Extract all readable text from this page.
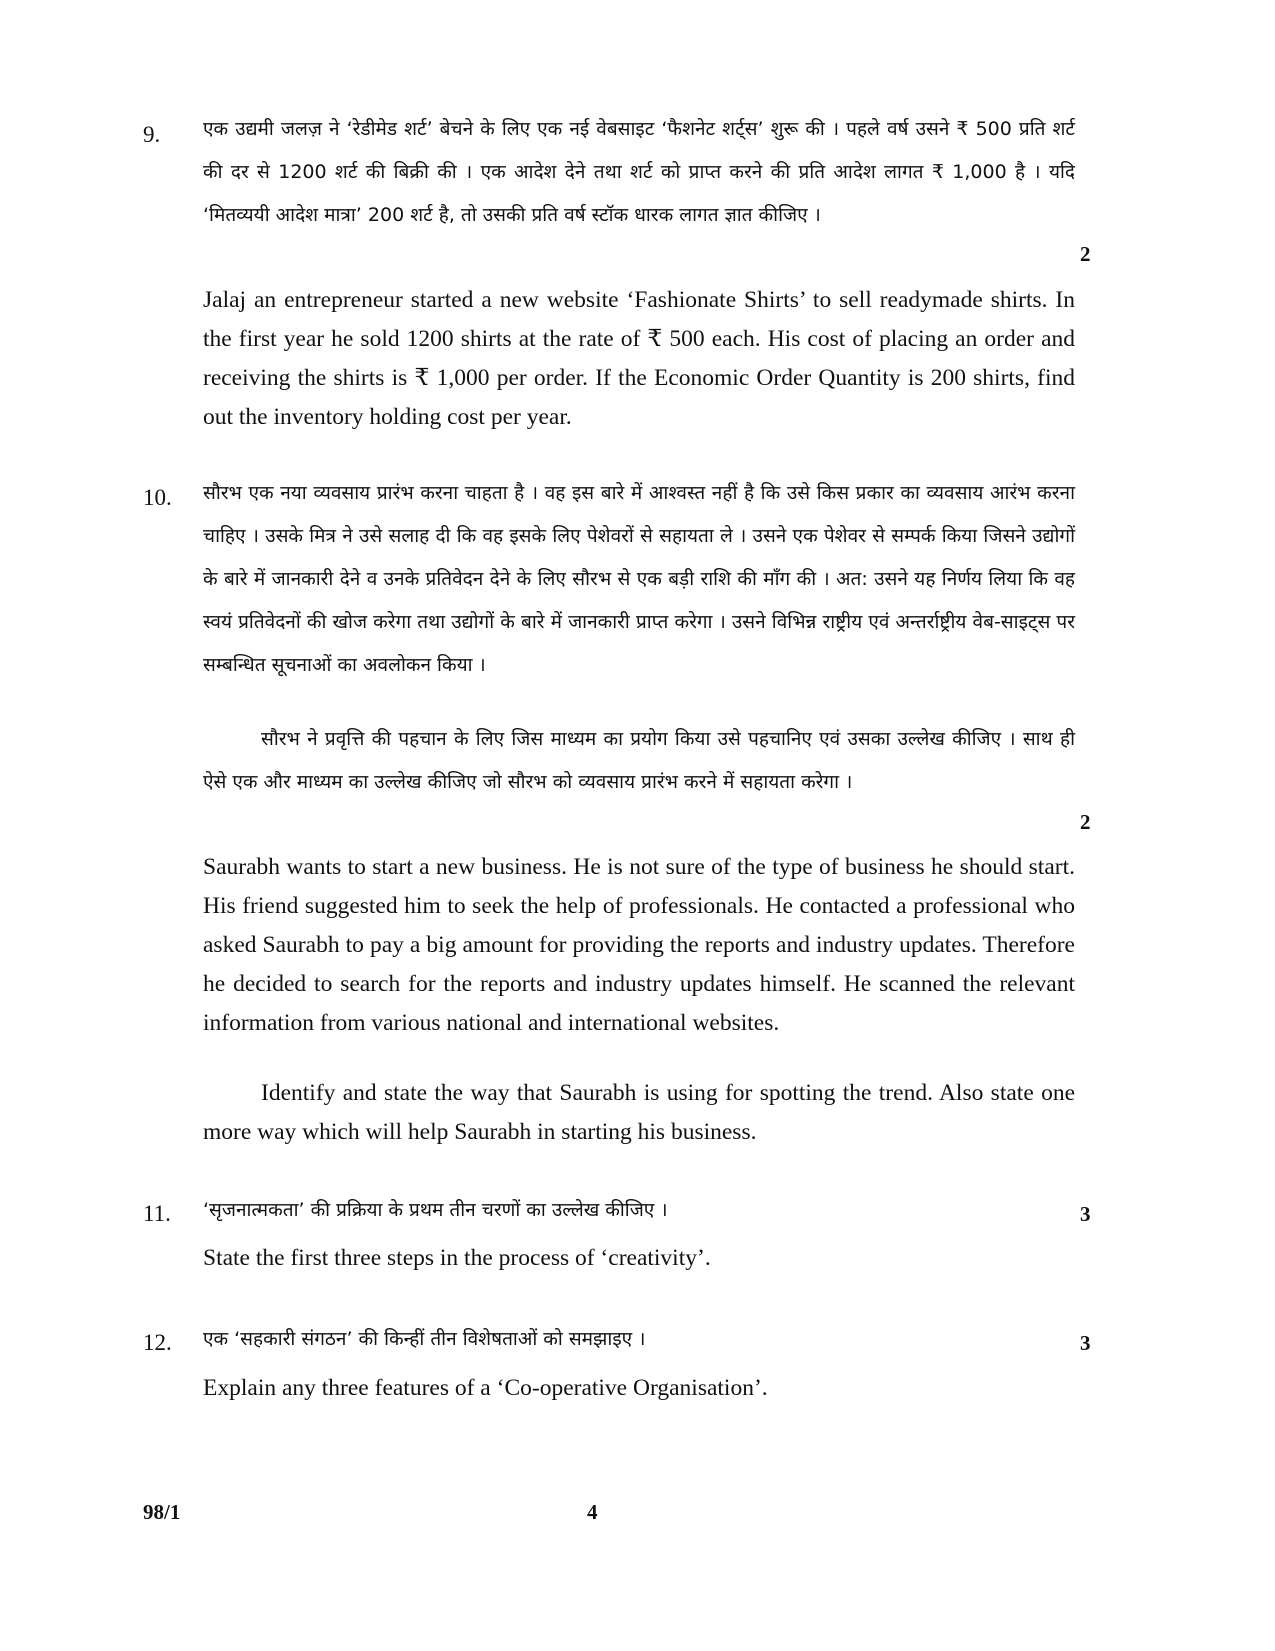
9. एक उद्यमी जलज़ ने ‘रेडीमेड शर्ट’ बेचने के लिए एक नई वेबसाइट ‘फैशनेट शर्ट्स’ शुरू की । पहले वर्ष उसने ₹ 500 प्रति शर्ट की दर से 1200 शर्ट की बिक्री की । एक आदेश देने तथा शर्ट को प्राप्त करने की प्रति आदेश लागत ₹ 1,000 है । यदि ‘मितव्ययी आदेश मात्रा’ 200 शर्ट है, तो उसकी प्रति वर्ष स्टॉक धारक लागत ज्ञात कीजिए ।

2

Jalaj an entrepreneur started a new website ‘Fashionate Shirts’ to sell readymade shirts. In the first year he sold 1200 shirts at the rate of ₹ 500 each. His cost of placing an order and receiving the shirts is ₹ 1,000 per order. If the Economic Order Quantity is 200 shirts, find out the inventory holding cost per year.

10. सौरभ एक नया व्यवसाय प्रारंभ करना चाहता है । वह इस बारे में आश्वस्त नहीं है कि उसे किस प्रकार का व्यवसाय आरंभ करना चाहिए । उसके मित्र ने उसे सलाह दी कि वह इसके लिए पेशेवरों से सहायता ले । उसने एक पेशेवर से सम्पर्क किया जिसने उद्योगों के बारे में जानकारी देने व उनके प्रतिवेदन देने के लिए सौरभ से एक बड़ी राशि की माँग की । अत: उसने यह निर्णय लिया कि वह स्वयं प्रतिवेदनों की खोज करेगा तथा उद्योगों के बारे में जानकारी प्राप्त करेगा । उसने विभिन्न राष्ट्रीय एवं अन्तर्राष्ट्रीय वेब-साइट्स पर सम्बन्धित सूचनाओं का अवलोकन किया ।

सौरभ ने प्रवृत्ति की पहचान के लिए जिस माध्यम का प्रयोग किया उसे पहचानिए एवं उसका उल्लेख कीजिए । साथ ही ऐसे एक और माध्यम का उल्लेख कीजिए जो सौरभ को व्यवसाय प्रारंभ करने में सहायता करेगा ।

2

Saurabh wants to start a new business. He is not sure of the type of business he should start. His friend suggested him to seek the help of professionals. He contacted a professional who asked Saurabh to pay a big amount for providing the reports and industry updates. Therefore he decided to search for the reports and industry updates himself. He scanned the relevant information from various national and international websites.

Identify and state the way that Saurabh is using for spotting the trend. Also state one more way which will help Saurabh in starting his business.

11. ‘सृजनात्मकता’ की प्रक्रिया के प्रथम तीन चरणों का उल्लेख कीजिए ।	3

State the first three steps in the process of ‘creativity’.

12. एक ‘सहकारी संगठन’ की किन्हीं तीन विशेषताओं को समझाइए ।	3

Explain any three features of a ‘Co-operative Organisation’.

98/1	4
